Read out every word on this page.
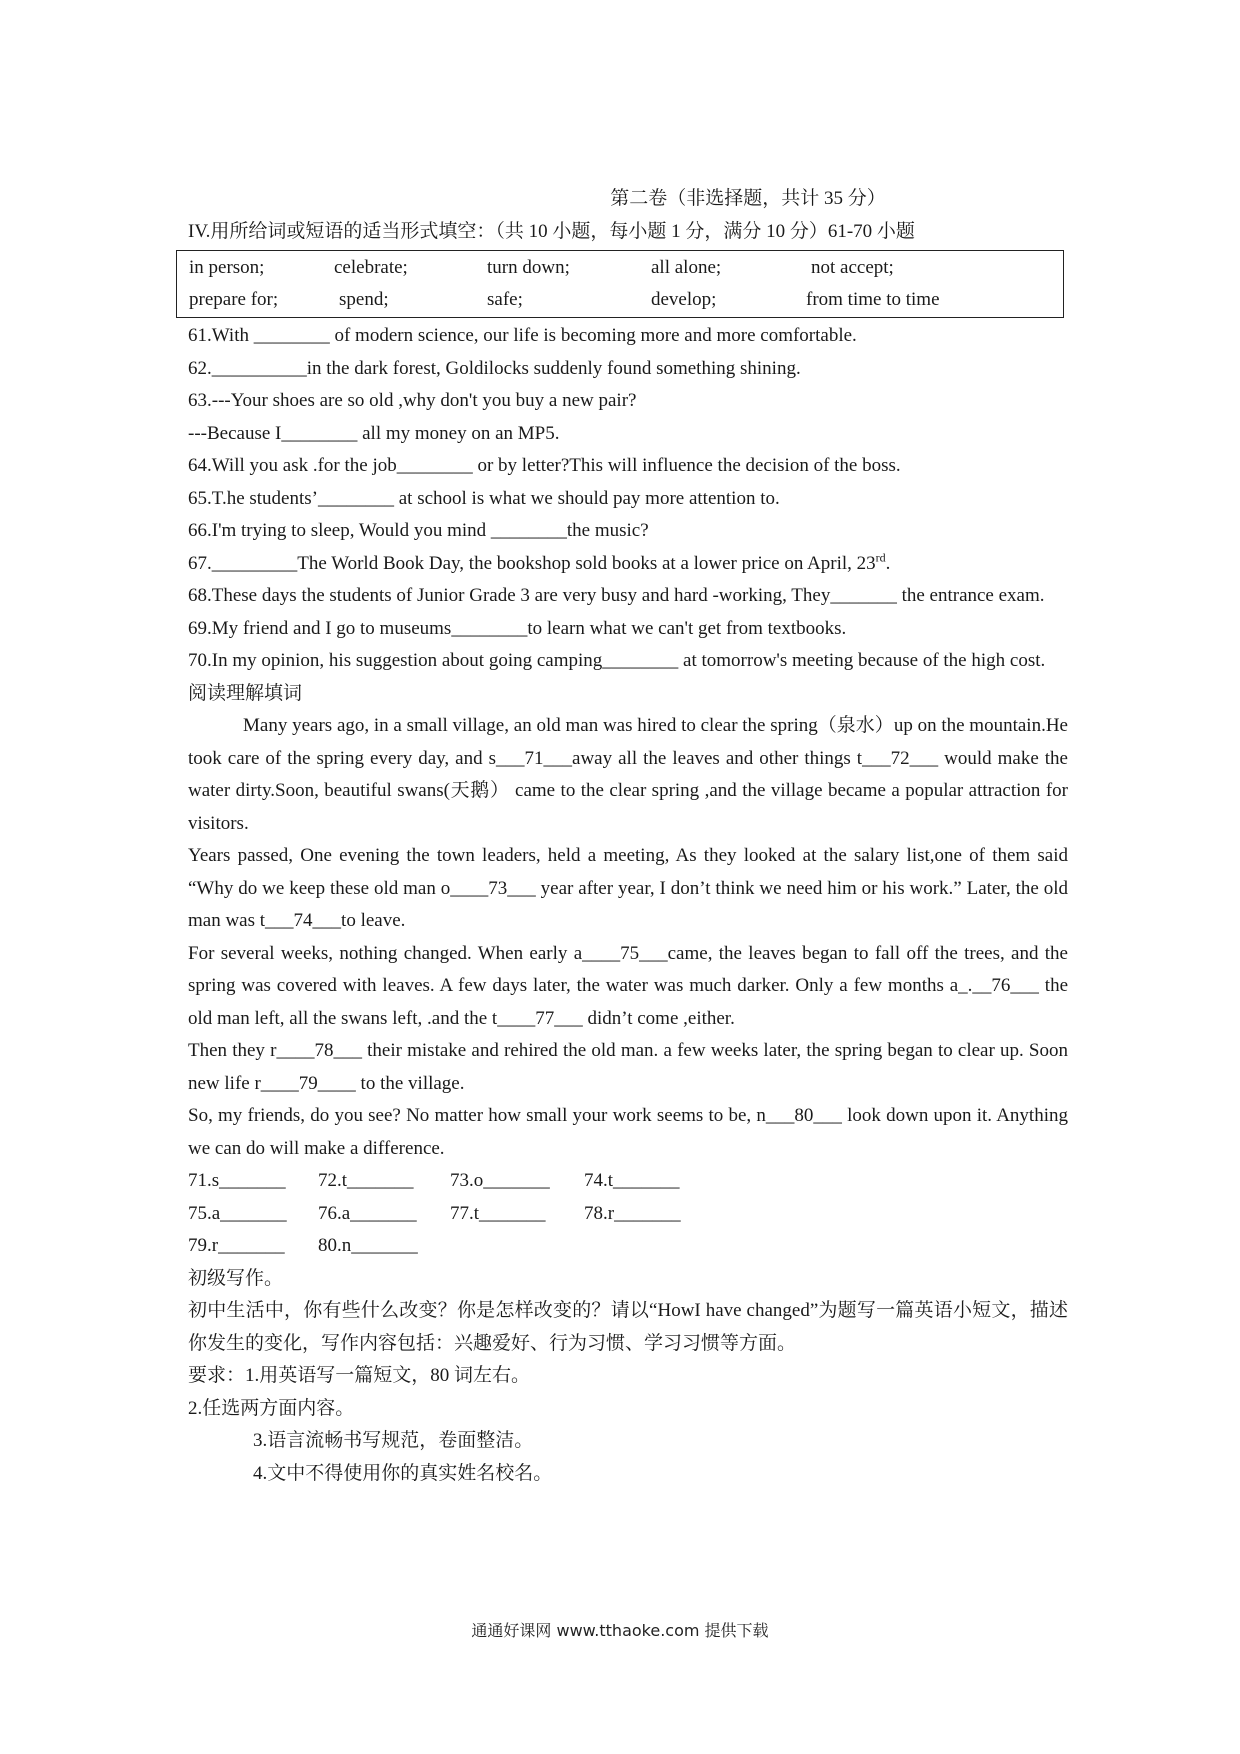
第二卷（非选择题，共计 35 分）
IV.用所给词或短语的适当形式填空：（共 10 小题，每小题 1 分，满分 10 分）61-70 小题
in person;	celebrate;	turn down;	all alone;	not accept;
prepare for;	spend;	safe;	develop;	from time to time
61.With ________ of modern science, our life is becoming more and more comfortable.
62.__________in the dark forest, Goldilocks suddenly found something shining.
63.---Your shoes are so old ,why don't you buy a new pair?
---Because I________ all my money on an MP5.
64.Will you ask .for the job________ or by letter?This will influence the decision of the boss.
65.T.he students’________ at school is what we should pay more attention to.
66.I'm trying to sleep, Would you mind ________the music?
67._________The World Book Day, the bookshop sold books at a lower price on April, 23rd.
68.These days the students of Junior Grade 3 are very busy and hard -working, They_______ the entrance exam.
69.My friend and I go to museums________to learn what we can't get from textbooks.
70.In my opinion, his suggestion about going camping________ at tomorrow's meeting because of the high cost.
阅读理解填词

Many years ago, in a small village, an old man was hired to clear the spring（泉水）up on the mountain.He took care of the spring every day, and s___71___away all the leaves and other things t___72___ would make the water dirty.Soon, beautiful swans(天鹅） came to the clear spring ,and the village became a popular attraction for visitors.

Years passed, One evening the town leaders, held a meeting, As they looked at the salary list,one of them said “Why do we keep these old man o____73___ year after year, I don’t think we need him or his work.” Later, the old man was t___74___to leave.

For several weeks, nothing changed. When early a____75___came, the leaves began to fall off the trees, and the spring was covered with leaves. A few days later, the water was much darker. Only a few months a_.__76___ the old man left, all the swans left, .and the t____77___ didn’t come ,either.

Then they r____78___ their mistake and rehired the old man. a few weeks later, the spring began to clear up. Soon new life r____79____ to the village.

So, my friends, do you see? No matter how small your work seems to be, n___80___ look down upon it. Anything we can do will make a difference.

71.s_______	72.t_______	73.o_______	74.t_______
75.a_______	76.a_______	77.t_______	78.r_______
79.r_______	80.n_______
初级写作。
初中生活中，你有些什么改变？你是怎样改变的？请以“HowI have changed”为题写一篇英语小短文，描述你发生的变化，写作内容包括：兴趣爱好、行为习惯、学习习惯等方面。
要求：1.用英语写一篇短文，80 词左右。
2.任选两方面内容。
3.语言流畅书写规范，卷面整洁。
4.文中不得使用你的真实姓名校名。
通通好课网 www.tthaoke.com 提供下载
